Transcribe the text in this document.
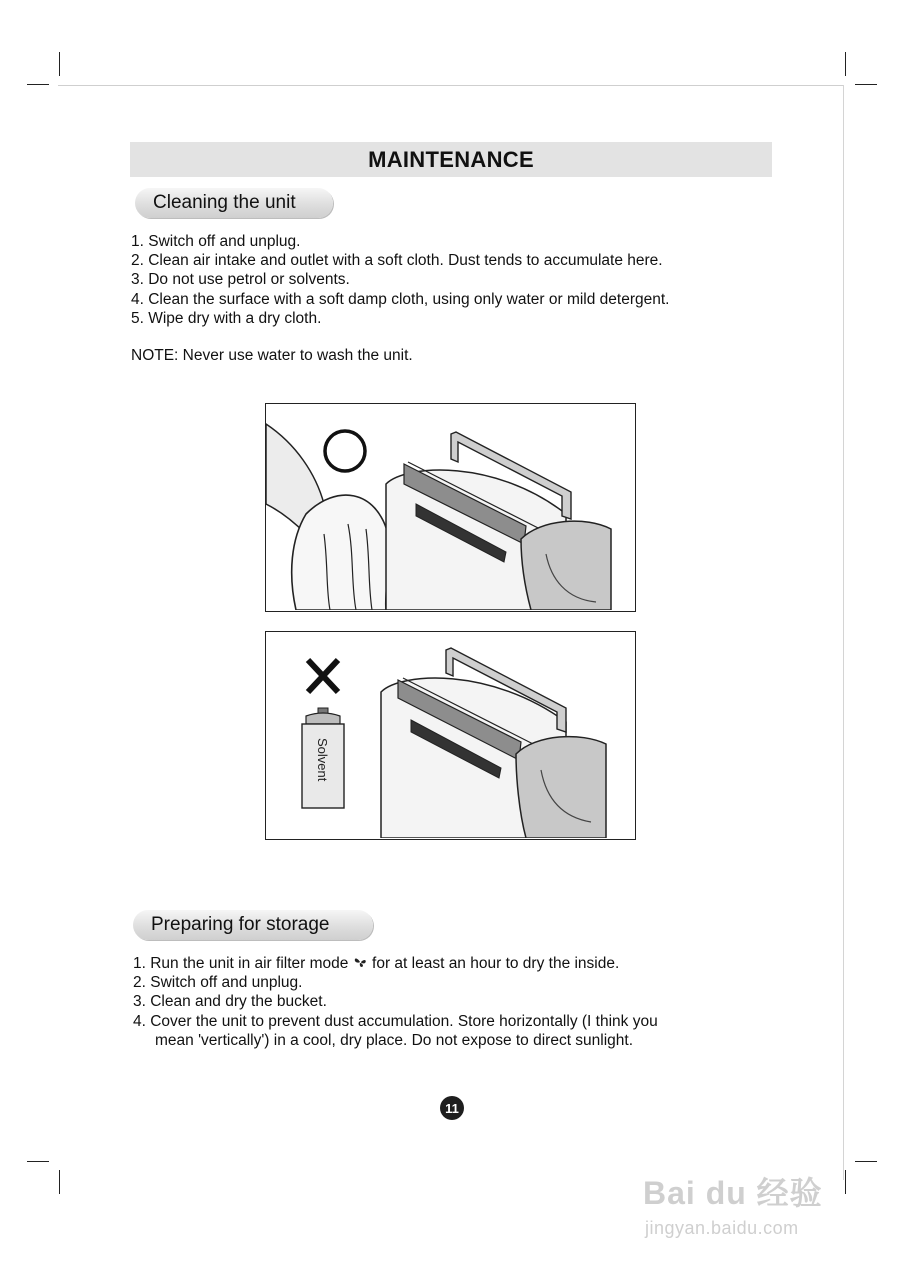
MAINTENANCE
Cleaning the unit
1. Switch off and unplug.
2. Clean air intake and outlet with a soft cloth. Dust tends to accumulate here.
3. Do not use petrol or solvents.
4. Clean the surface with a soft damp cloth, using only water or mild detergent.
5. Wipe dry with a dry cloth.
NOTE: Never use water to wash the unit.
Solvent
Preparing for storage
1. Run the unit in air filter mode  for at least an hour to dry the inside.
2. Switch off and unplug.
3. Clean and dry the bucket.
4. Cover the unit to prevent dust accumulation. Store horizontally (I think you
mean 'vertically') in a cool, dry place. Do not expose to direct sunlight.
11
Bai du 经验
jingyan.baidu.com
